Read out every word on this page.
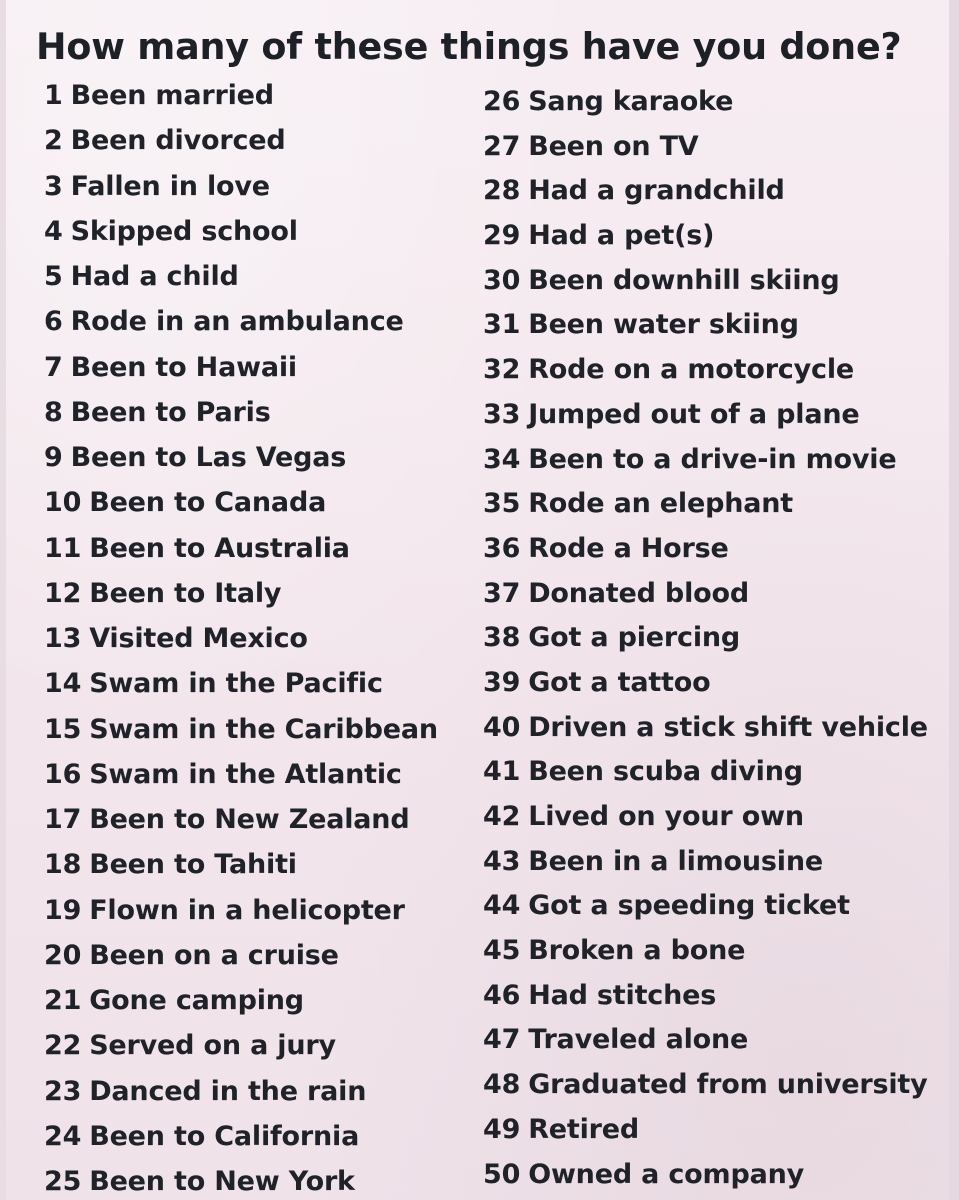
How many of these things have you done?
1 Been married
2 Been divorced
3 Fallen in love
4 Skipped school
5 Had a child
6 Rode in an ambulance
7 Been to Hawaii
8 Been to Paris
9 Been to Las Vegas
10 Been to Canada
11 Been to Australia
12 Been to Italy
13 Visited Mexico
14 Swam in the Pacific
15 Swam in the Caribbean
16 Swam in the Atlantic
17 Been to New Zealand
18 Been to Tahiti
19 Flown in a helicopter
20 Been on a cruise
21 Gone camping
22 Served on a jury
23 Danced in the rain
24 Been to California
25 Been to New York
26 Sang karaoke
27 Been on TV
28 Had a grandchild
29 Had a pet(s)
30 Been downhill skiing
31 Been water skiing
32 Rode on a motorcycle
33 Jumped out of a plane
34 Been to a drive-in movie
35 Rode an elephant
36 Rode a Horse
37 Donated blood
38 Got a piercing
39 Got a tattoo
40 Driven a stick shift vehicle
41 Been scuba diving
42 Lived on your own
43 Been in a limousine
44 Got a speeding ticket
45 Broken a bone
46 Had stitches
47 Traveled alone
48 Graduated from university
49 Retired
50 Owned a company
